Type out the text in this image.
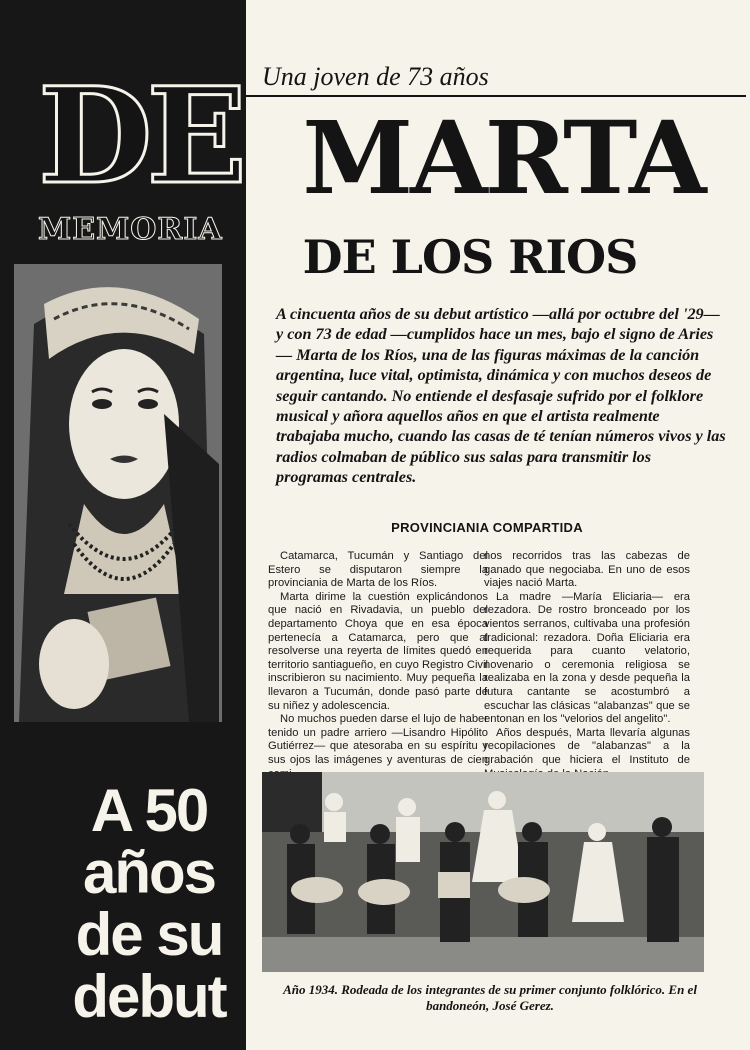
DE
MEMORIA
A 50
años
de su
debut
Una joven de 73 años
MARTA
DE LOS RIOS
A cincuenta años de su debut artístico —allá por octubre del '29— y con 73 de edad —cumplidos hace un mes, bajo el signo de Aries— Marta de los Ríos, una de las figuras máximas de la canción argentina, luce vital, optimista, dinámica y con muchos deseos de seguir cantando. No entiende el desfasaje sufrido por el folklore musical y añora aquellos años en que el artista realmente trabajaba mucho, cuando las casas de té tenían números vivos y las radios colmaban de público sus salas para transmitir los programas centrales.
PROVINCIANIA COMPARTIDA

Catamarca, Tucumán y Santiago del Estero se disputaron siempre la provinciania de Marta de los Ríos.

Marta dirime la cuestión explicándonos que nació en Rivadavia, un pueblo del departamento Choya que en esa época pertenecía a Catamarca, pero que al resolverse una reyerta de límites quedó en territorio santiagueño, en cuyo Registro Civil inscribieron su nacimiento. Muy pequeña la llevaron a Tucumán, donde pasó parte de su niñez y adolescencia.

No muchos pueden darse el lujo de haber tenido un padre arriero —Lisandro Hipólito Gutiérrez— que atesoraba en su espíritu y sus ojos las imágenes y aventuras de cien

nos recorridos tras las cabezas de ganado que negociaba. En uno de esos viajes nació Marta.

La madre —María Eliciaria— era rezadora. De rostro bronceado por los vientos serranos, cultivaba una profesión tradicional: rezadora. Doña Eliciaria era requerida para cuanto velatorio, novenario o ceremonia religiosa se realizaba en la zona y desde pequeña la futura cantante se acostumbró a escuchar las clásicas "alabanzas" que se entonan en los "velorios del angelito".

Años después, Marta llevaría algunas recopilaciones de "alabanzas" a la grabación que hiciera el Instituto de

Año 1934. Rodeada de los integrantes de su primer conjunto folklórico. En el bandoneón, José Gerez.
